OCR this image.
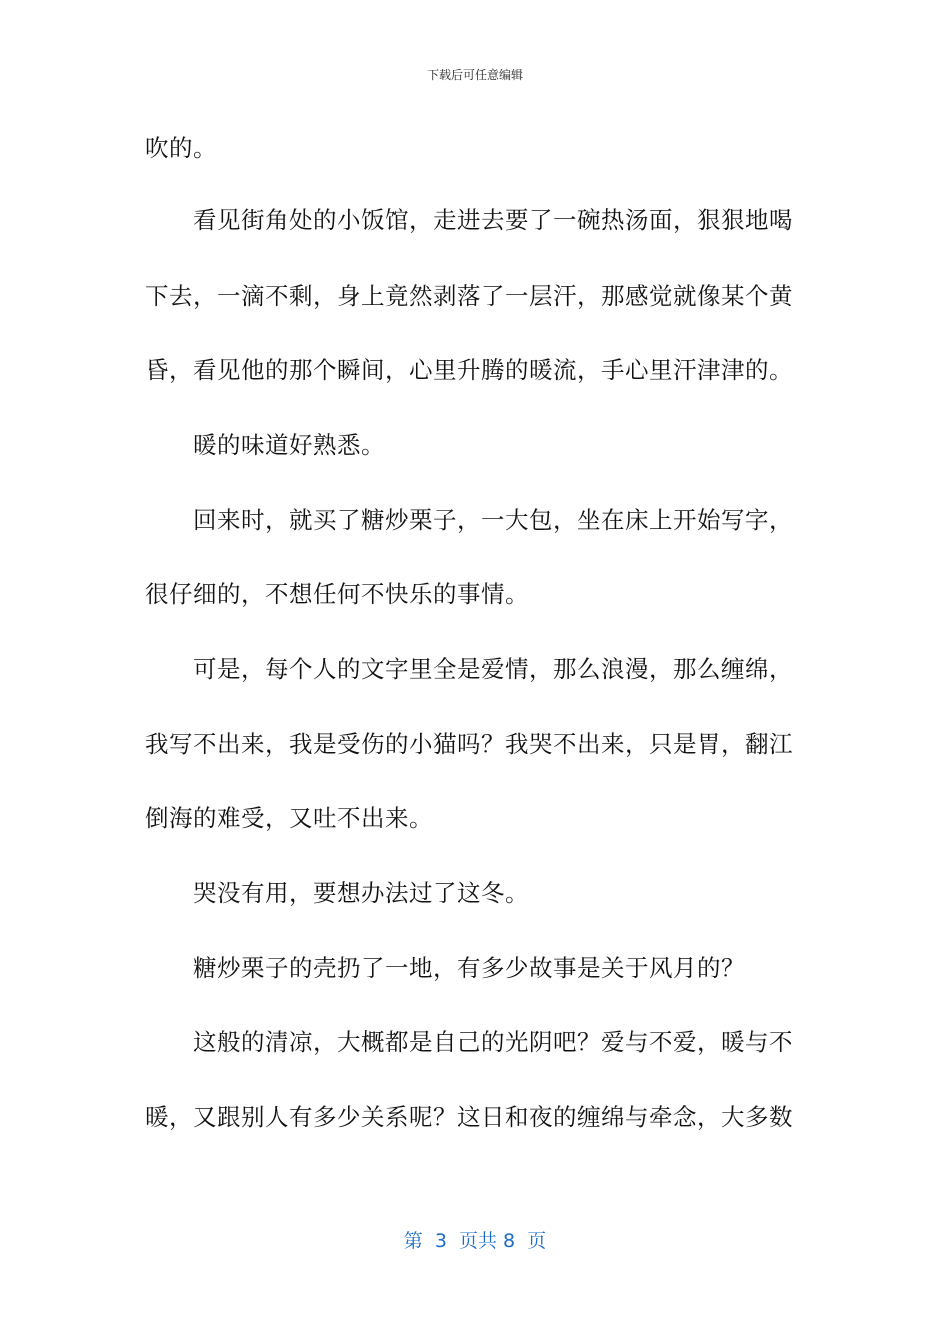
下载后可任意编辑
吹的。
看见街角处的小饭馆，走进去要了一碗热汤面，狠狠地喝
下去，一滴不剩，身上竟然剥落了一层汗，那感觉就像某个黄
昏，看见他的那个瞬间，心里升腾的暖流，手心里汗津津的。
暖的味道好熟悉。
回来时，就买了糖炒栗子，一大包，坐在床上开始写字，
很仔细的，不想任何不快乐的事情。
可是，每个人的文字里全是爱情，那么浪漫，那么缠绵，
我写不出来，我是受伤的小猫吗？我哭不出来，只是胃，翻江
倒海的难受，又吐不出来。
哭没有用，要想办法过了这冬。
糖炒栗子的壳扔了一地，有多少故事是关于风月的？
这般的清凉，大概都是自己的光阴吧？爱与不爱，暖与不
暖，又跟别人有多少关系呢？这日和夜的缠绵与牵念，大多数
第  3  页共 8  页
